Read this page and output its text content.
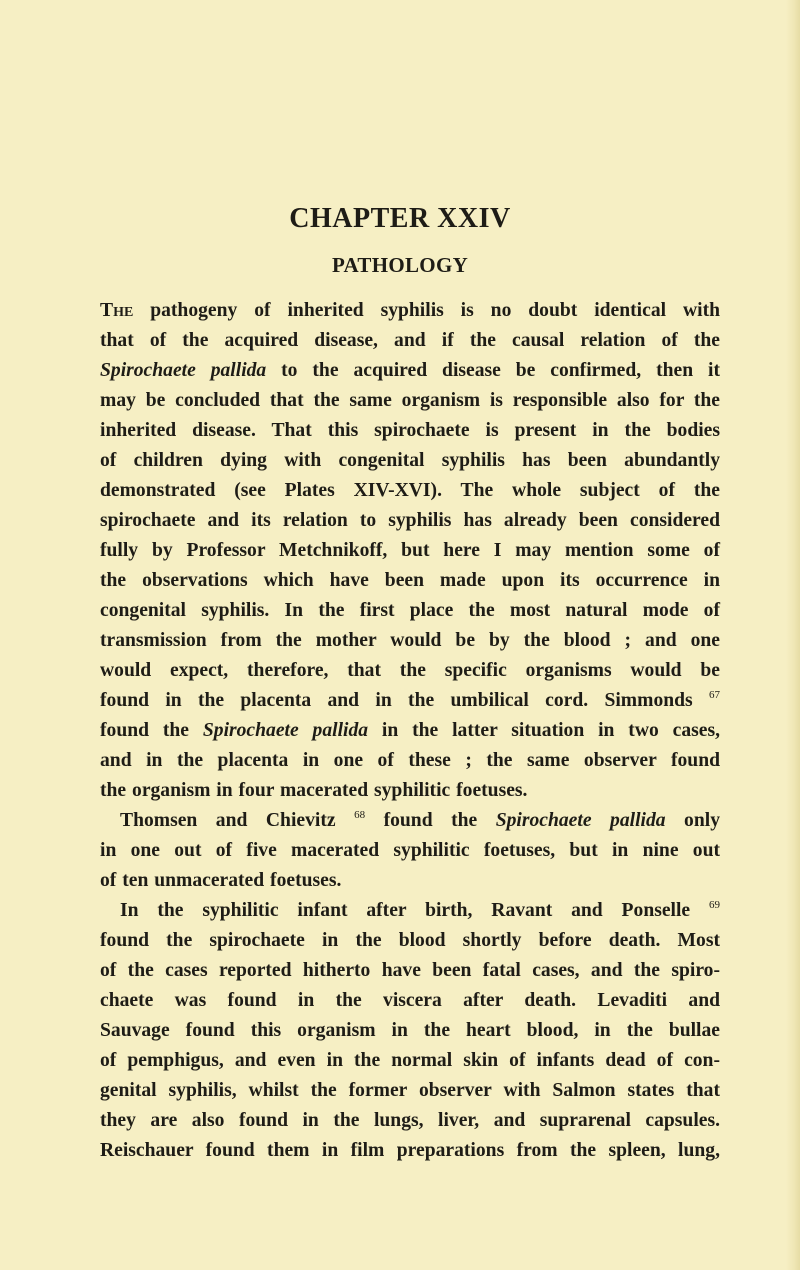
CHAPTER XXIV
PATHOLOGY
The pathogeny of inherited syphilis is no doubt identical with
that of the acquired disease, and if the causal relation of the
Spirochaete pallida to the acquired disease be confirmed, then it
may be concluded that the same organism is responsible also for the
inherited disease. That this spirochaete is present in the bodies
of children dying with congenital syphilis has been abundantly
demonstrated (see Plates XIV-XVI). The whole subject of the
spirochaete and its relation to syphilis has already been considered
fully by Professor Metchnikoff, but here I may mention some of
the observations which have been made upon its occurrence in
congenital syphilis. In the first place the most natural mode of
transmission from the mother would be by the blood ; and one
would expect, therefore, that the specific organisms would be
found in the placenta and in the umbilical cord. Simmonds $^{67}$
found the Spirochaete pallida in the latter situation in two cases,
and in the placenta in one of these ; the same observer found
the organism in four macerated syphilitic foetuses.
Thomsen and Chievitz $^{68}$ found the Spirochaete pallida only
in one out of five macerated syphilitic foetuses, but in nine out
of ten unmacerated foetuses.
In the syphilitic infant after birth, Ravant and Ponselle $^{69}$
found the spirochaete in the blood shortly before death. Most
of the cases reported hitherto have been fatal cases, and the spiro-
chaete was found in the viscera after death. Levaditi and
Sauvage found this organism in the heart blood, in the bullae
of pemphigus, and even in the normal skin of infants dead of con-
genital syphilis, whilst the former observer with Salmon states that
they are also found in the lungs, liver, and suprarenal capsules.
Reischauer found them in film preparations from the spleen, lung,
